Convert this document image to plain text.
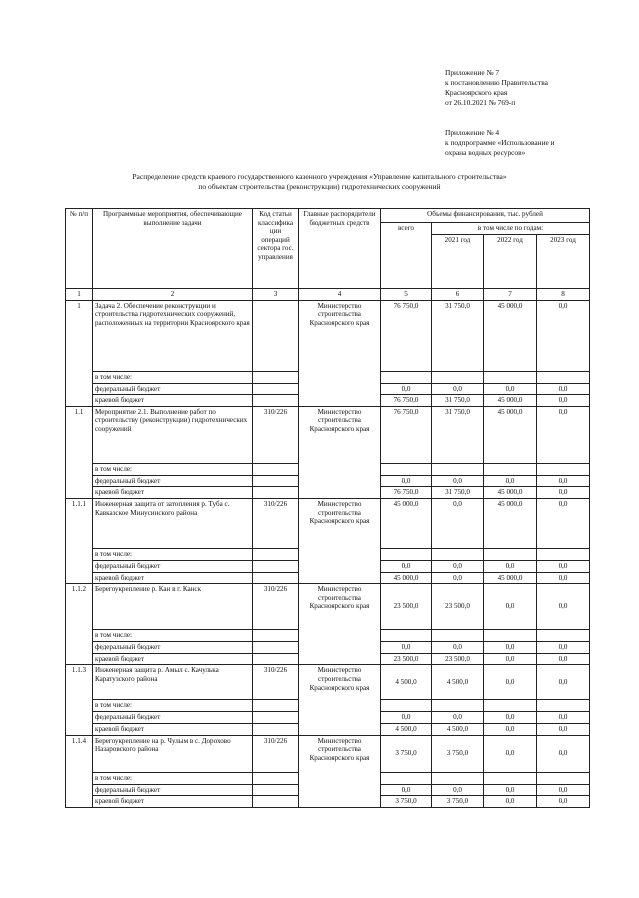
Приложение № 7
к постановлению Правительства
Красноярского края
от 26.10.2021 № 769-п
Приложение № 4
к подпрограмме «Использование и
охрана водных ресурсов»
Распределение средств краевого государственного казенного учреждения «Управление капитального строительства»
по объектам строительства (реконструкции) гидротехнических сооружений
№ п/п	Программные мероприятия, обеспечивающие выполнение задачи	Код статьи классифика ции операций сектора гос. управления	Главные распорядители бюджетных средств	Объемы финансирования, тыс. рублей			
				всего	в том числе по годам:		
					2021 год	2022 год	2023 год
1	2	3	4	5	6	7	8
1	Задача 2. Обеспечение реконструкции и строительства гидротехнических сооружений, расположенных на территории Красноярского края		Министерство строительства Красноярского края	76 750,0	31 750,0	45 000,0	0,0
	в том числе:						
	федеральный бюджет			0,0	0,0	0,0	0,0
	краевой бюджет			76 750,0	31 750,0	45 000,0	0,0
1.1	Мероприятие 2.1. Выполнение работ по строительству (реконструкции) гидротехнических сооружений	310/226	Министерство строительства Красноярского края	76 750,0	31 750,0	45 000,0	0,0
	в том числе:						
	федеральный бюджет			0,0	0,0	0,0	0,0
	краевой бюджет			76 750,0	31 750,0	45 000,0	0,0
1.1.1	Инженерная защита от затопления р. Туба с. Кавказское Минусинского района	310/226	Министерство строительства Красноярского края	45 000,0	0,0	45 000,0	0,0
	в том числе:						
	федеральный бюджет			0,0	0,0	0,0	0,0
	краевой бюджет			45 000,0	0,0	45 000,0	0,0
1.1.2	Берегоукрепление р. Кан в г. Канск	310/226	Министерство строительства Красноярского края	23 500,0	23 500,0	0,0	0,0
	в том числе:						
	федеральный бюджет			0,0	0,0	0,0	0,0
	краевой бюджет			23 500,0	23 500,0	0,0	0,0
1.1.3	Инженерная защита р. Амыл с. Качулька Каратузского района	310/226	Министерство строительства Красноярского края	4 500,0	4 500,0	0,0	0,0
	в том числе:						
	федеральный бюджет			0,0	0,0	0,0	0,0
	краевой бюджет			4 500,0	4 500,0	0,0	0,0
1.1.4	Берегоукрепление на р. Чулым в с. Дорохово Назаровского района	310/226	Министерство строительства Красноярского края	3 750,0	3 750,0	0,0	0,0
	в том числе:						
	федеральный бюджет			0,0	0,0	0,0	0,0
	краевой бюджет			3 750,0	3 750,0	0,0	0,0
